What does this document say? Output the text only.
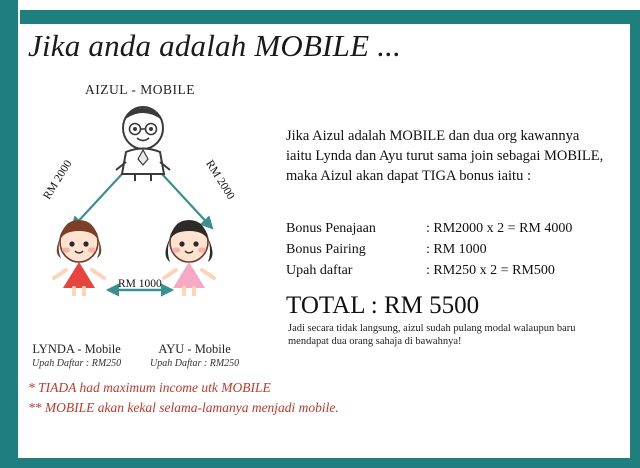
Jika anda adalah MOBILE ...
AIZUL - MOBILE
RM 2000	RM 2000
RM 1000
LYNDA - Mobile
Upah Daftar : RM250
AYU - Mobile
Upah Daftar : RM250
Jika Aizul adalah MOBILE dan dua org kawannya iaitu Lynda dan Ayu turut sama join sebagai MOBILE, maka Aizul akan dapat TIGA bonus iaitu :
Bonus Penajaan	: RM2000 x 2 = RM 4000
Bonus Pairing	: RM 1000
Upah daftar	: RM250 x 2 = RM500
TOTAL : RM 5500
Jadi secara tidak langsung, aizul sudah pulang modal walaupun baru mendapat dua orang sahaja di bawahnya!
* TIADA had maximum income utk MOBILE
** MOBILE akan kekal selama-lamanya menjadi mobile.
